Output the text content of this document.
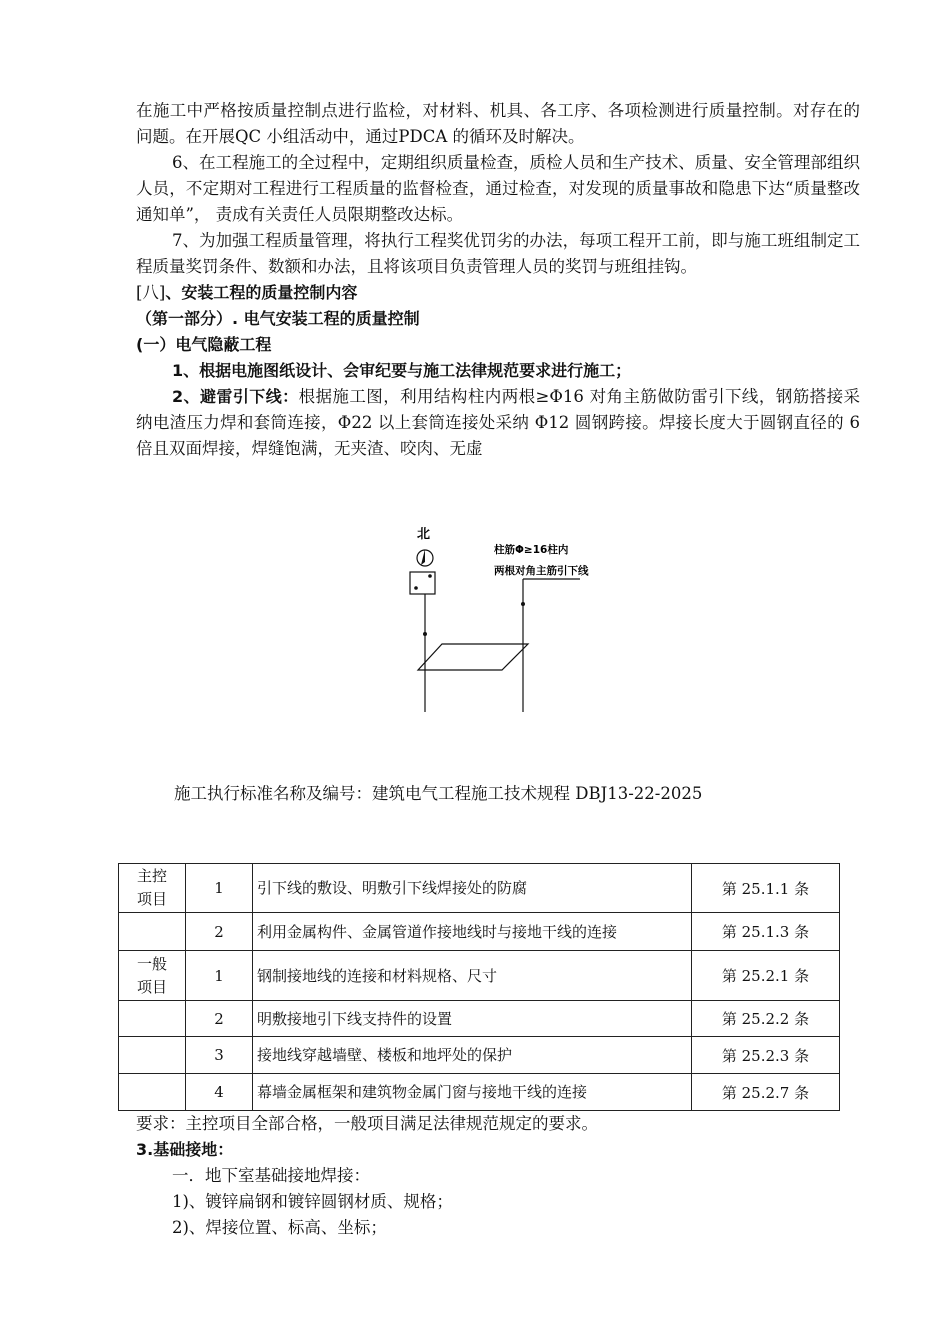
在施工中严格按质量控制点进行监检，对材料、机具、各工序、各项检测进行质量控制。对存在的问题。在开展QC 小组活动中，通过PDCA 的循环及时解决。

6、在工程施工的全过程中，定期组织质量检查，质检人员和生产技术、质量、安全管理部组织人员，不定期对工程进行工程质量的监督检查，通过检查，对发现的质量事故和隐患下达“质量整改通知单”， 责成有关责任人员限期整改达标。

7、为加强工程质量管理，将执行工程奖优罚劣的办法，每项工程开工前，即与施工班组制定工程质量奖罚条件、数额和办法，且将该项目负责管理人员的奖罚与班组挂钩。

[八]、安装工程的质量控制内容

（第一部分）. 电气安装工程的质量控制

(一）电气隐蔽工程

1、根据电施图纸设计、会审纪要与施工法律规范要求进行施工；

2、避雷引下线：根据施工图，利用结构柱内两根≥Φ16 对角主筋做防雷引下线，钢筋搭接采纳电渣压力焊和套筒连接，Φ22 以上套筒连接处采纳 Φ12 圆钢跨接。焊接长度大于圆钢直径的 6 倍且双面焊接，焊缝饱满，无夹渣、咬肉、无虚

北
柱筋Φ≥16柱内
两根对角主筋引下线

施工执行标准名称及编号：建筑电气工程施工技术规程 DBJ13-22-2025

主控
项目	1	引下线的敷设、明敷引下线焊接处的防腐	第 25.1.1 条
	2	利用金属构件、金属管道作接地线时与接地干线的连接	第 25.1.3 条
一般
项目	1	钢制接地线的连接和材料规格、尺寸	第 25.2.1 条
	2	明敷接地引下线支持件的设置	第 25.2.2 条
	3	接地线穿越墙壁、楼板和地坪处的保护	第 25.2.3 条
	4	幕墙金属框架和建筑物金属门窗与接地干线的连接	第 25.2.7 条

要求：主控项目全部合格，一般项目满足法律规范规定的要求。

3.基础接地：

一．地下室基础接地焊接：

1)、镀锌扁钢和镀锌圆钢材质、规格；

2)、焊接位置、标高、坐标；
